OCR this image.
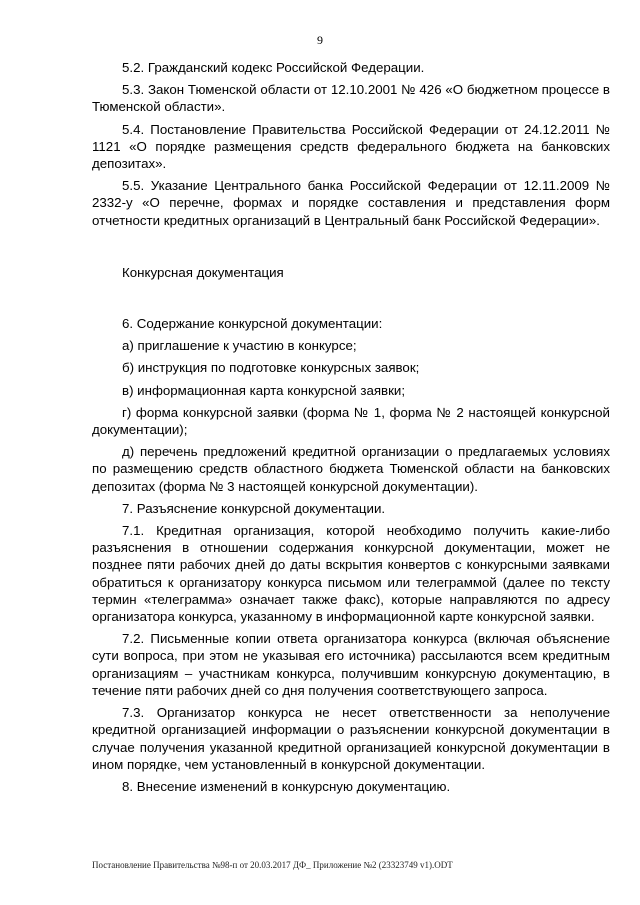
9

5.2. Гражданский кодекс Российской Федерации.

5.3. Закон Тюменской области от 12.10.2001 № 426 «О бюджетном процессе в Тюменской области».

5.4. Постановление Правительства Российской Федерации от 24.12.2011 № 1121 «О порядке размещения средств федерального бюджета на банковских депозитах».

5.5. Указание Центрального банка Российской Федерации от 12.11.2009 № 2332-у «О перечне, формах и порядке составления и представления форм отчетности кредитных организаций в Центральный банк Российской Федерации».

Конкурсная документация

6. Содержание конкурсной документации:

а) приглашение к участию в конкурсе;

б) инструкция по подготовке конкурсных заявок;

в) информационная карта конкурсной заявки;

г) форма конкурсной заявки (форма № 1, форма № 2 настоящей конкурсной документации);

д) перечень предложений кредитной организации о предлагаемых условиях по размещению средств областного бюджета Тюменской области на банковских депозитах (форма № 3 настоящей конкурсной документации).

7. Разъяснение конкурсной документации.

7.1. Кредитная организация, которой необходимо получить какие-либо разъяснения в отношении содержания конкурсной документации, может не позднее пяти рабочих дней до даты вскрытия конвертов с конкурсными заявками обратиться к организатору конкурса письмом или телеграммой (далее по тексту термин «телеграмма» означает также факс), которые направляются по адресу организатора конкурса, указанному в информационной карте конкурсной заявки.

7.2. Письменные копии ответа организатора конкурса (включая объяснение сути вопроса, при этом не указывая его источника) рассылаются всем кредитным организациям – участникам конкурса, получившим конкурсную документацию, в течение пяти рабочих дней со дня получения соответствующего запроса.

7.3. Организатор конкурса не несет ответственности за неполучение кредитной организацией информации о разъяснении конкурсной документации в случае получения указанной кредитной организацией конкурсной документации в ином порядке, чем установленный в конкурсной документации.

8. Внесение изменений в конкурсную документацию.

Постановление Правительства №98-п от 20.03.2017 ДФ_ Приложение №2 (23323749 v1).ODT
